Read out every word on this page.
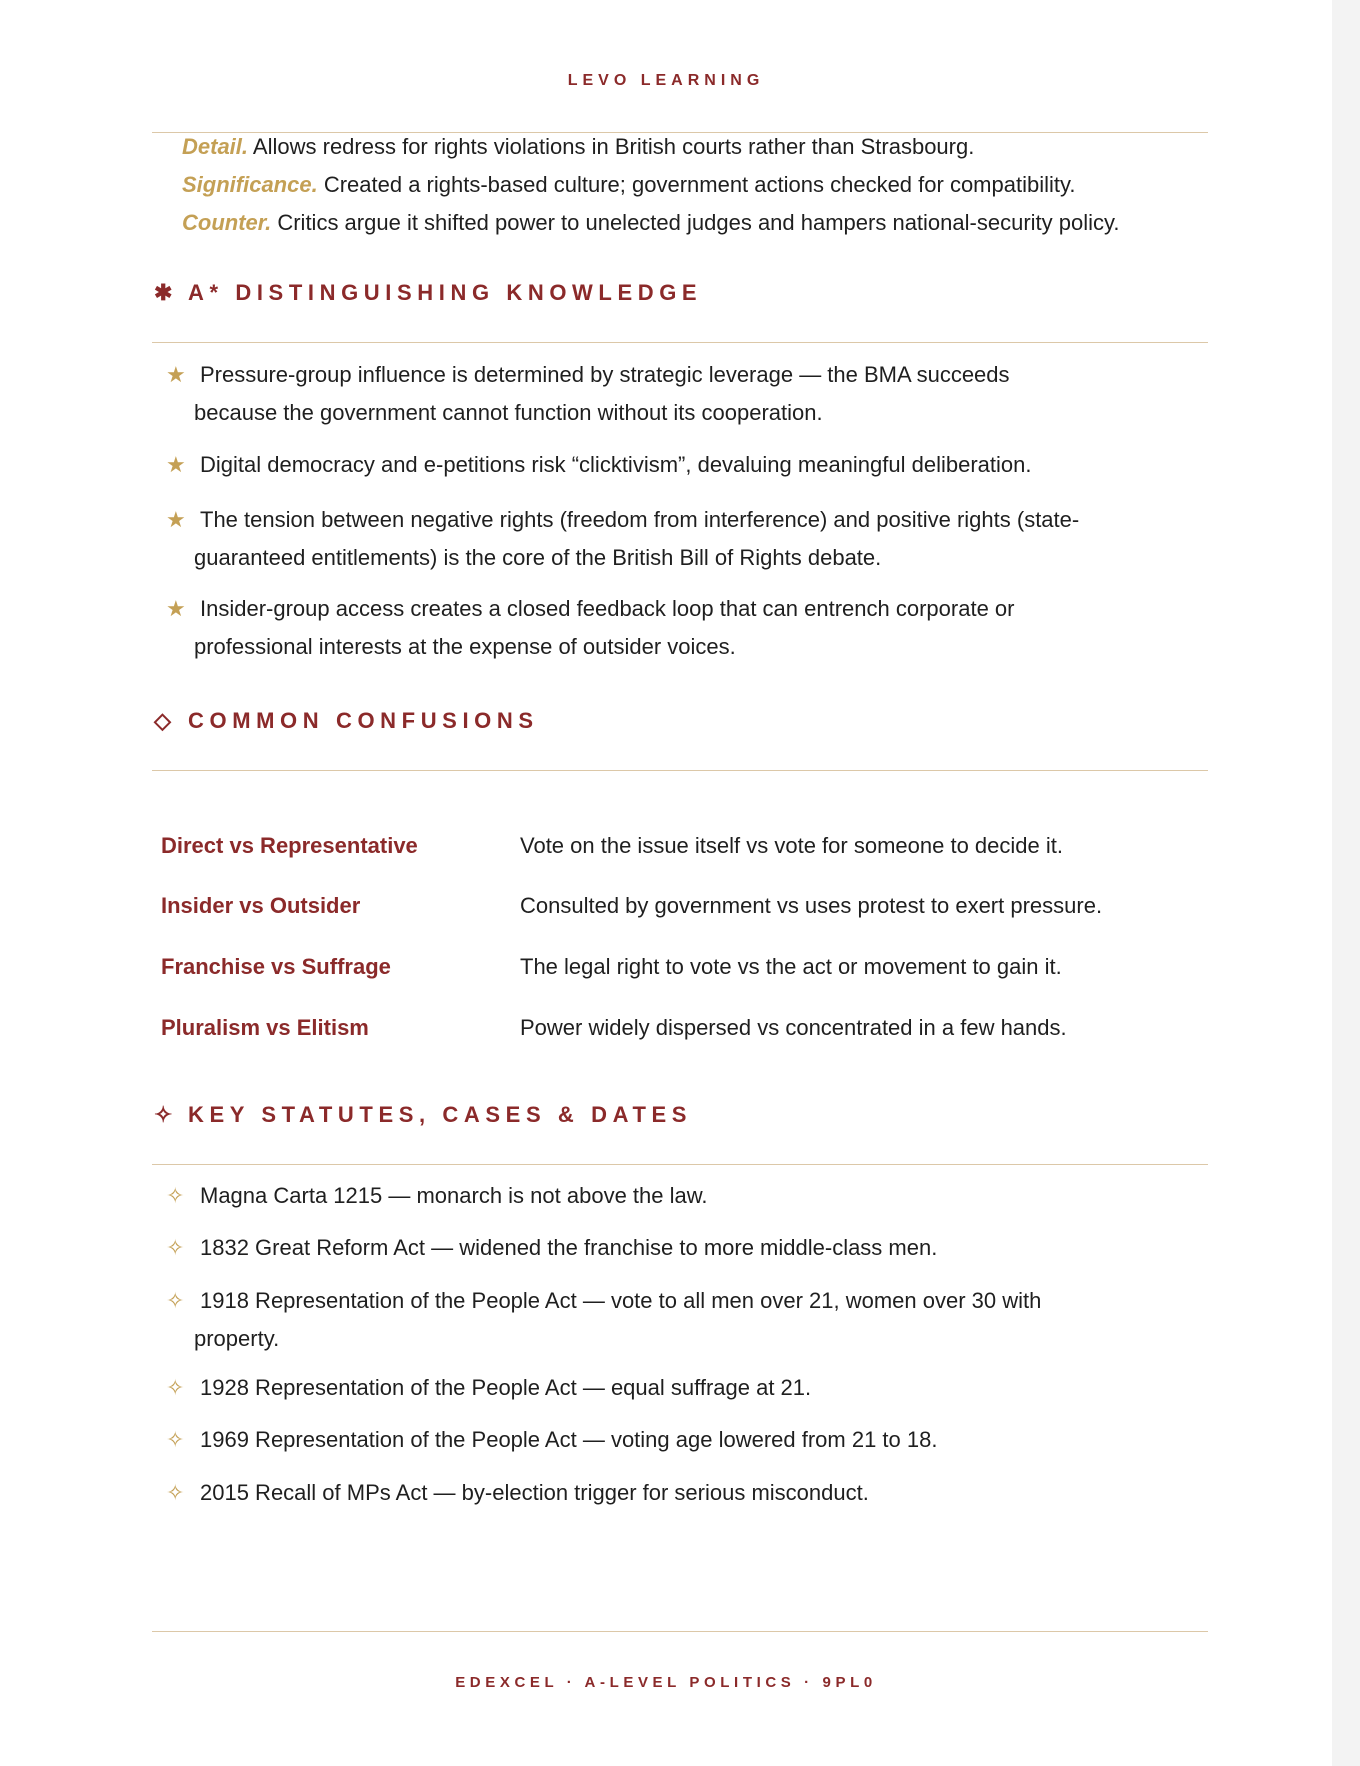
LEVO LEARNING
Detail. Allows redress for rights violations in British courts rather than Strasbourg.
Significance. Created a rights-based culture; government actions checked for compatibility.
Counter. Critics argue it shifted power to unelected judges and hampers national-security policy.
✱ A* DISTINGUISHING KNOWLEDGE
★ Pressure-group influence is determined by strategic leverage — the BMA succeeds
because the government cannot function without its cooperation.
★ Digital democracy and e-petitions risk “clicktivism”, devaluing meaningful deliberation.
★ The tension between negative rights (freedom from interference) and positive rights (state-
guaranteed entitlements) is the core of the British Bill of Rights debate.
★ Insider-group access creates a closed feedback loop that can entrench corporate or
professional interests at the expense of outsider voices.
◇ COMMON CONFUSIONS
Direct vs Representative	Vote on the issue itself vs vote for someone to decide it.
Insider vs Outsider	Consulted by government vs uses protest to exert pressure.
Franchise vs Suffrage	The legal right to vote vs the act or movement to gain it.
Pluralism vs Elitism	Power widely dispersed vs concentrated in a few hands.
✧ KEY STATUTES, CASES & DATES
✧ Magna Carta 1215 — monarch is not above the law.
✧ 1832 Great Reform Act — widened the franchise to more middle-class men.
✧ 1918 Representation of the People Act — vote to all men over 21, women over 30 with
property.
✧ 1928 Representation of the People Act — equal suffrage at 21.
✧ 1969 Representation of the People Act — voting age lowered from 21 to 18.
✧ 2015 Recall of MPs Act — by-election trigger for serious misconduct.
EDEXCEL · A-LEVEL POLITICS · 9PL0
